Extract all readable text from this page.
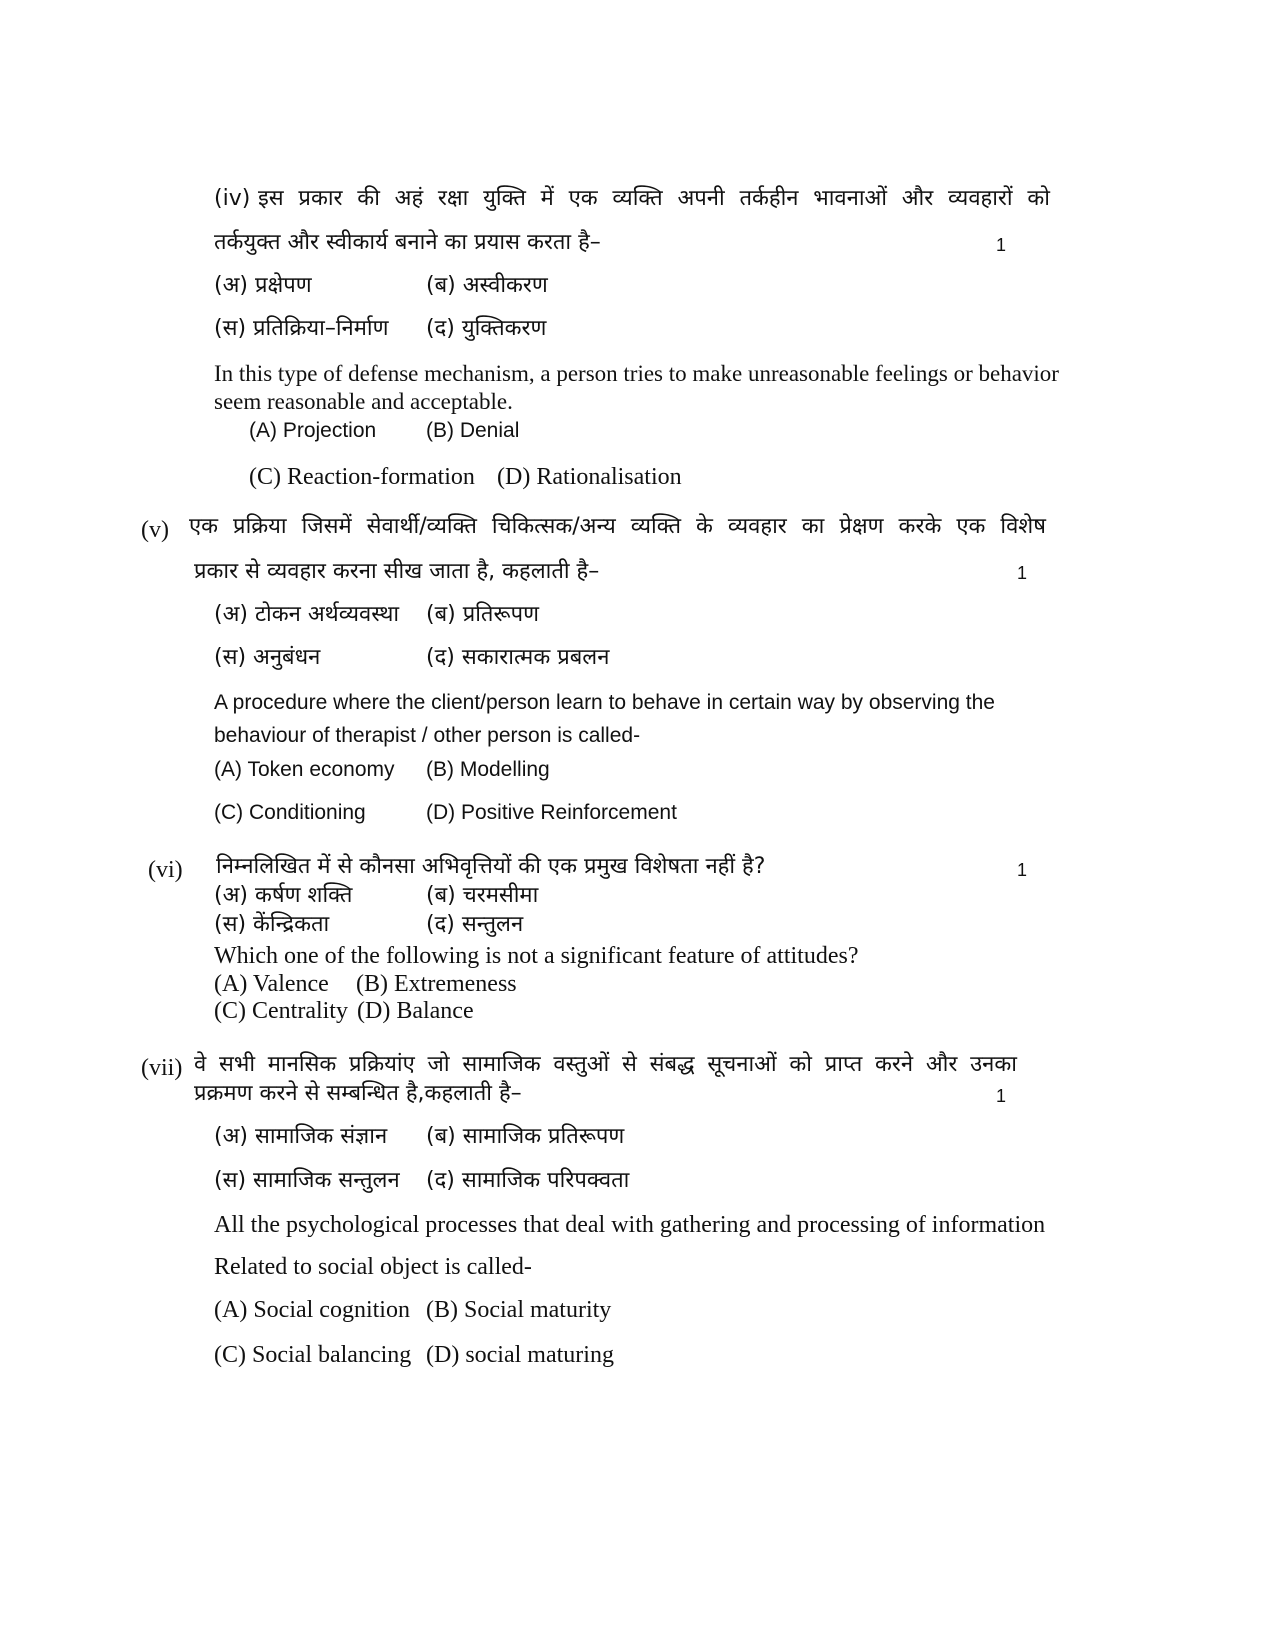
(iv) इस प्रकार की अहं रक्षा युक्ति में एक व्यक्ति अपनी तर्कहीन भावनाओं और व्यवहारों को
तर्कयुक्त और स्वीकार्य बनाने का प्रयास करता है–	1
(अ) प्रक्षेपण	(ब) अस्वीकरण
(स) प्रतिक्रिया–निर्माण (द) युक्तिकरण
In this type of defense mechanism, a person tries to make unreasonable feelings or behavior
seem reasonable and acceptable.
(A) Projection (B) Denial
(C) Reaction-formation (D) Rationalisation
(v) एक प्रक्रिया जिसमें सेवार्थी/व्यक्ति चिकित्सक/अन्य व्यक्ति के व्यवहार का प्रेक्षण करके एक विशेष
प्रकार से व्यवहार करना सीख जाता है, कहलाती है–	1
(अ) टोकन अर्थव्यवस्था (ब) प्रतिरूपण
(स) अनुबंधन	(द) सकारात्मक प्रबलन
A procedure where the client/person learn to behave in certain way by observing the
behaviour of therapist / other person is called-
(A) Token economy (B) Modelling
(C) Conditioning	(D) Positive Reinforcement
(vi) निम्नलिखित में से कौनसा अभिवृत्तियों की एक प्रमुख विशेषता नहीं है?	1
(अ) कर्षण शक्ति	(ब) चरमसीमा
(स) केंन्द्रिकता	(द) सन्तुलन
Which one of the following is not a significant feature of attitudes?
(A) Valence (B) Extremeness
(C) Centrality (D) Balance
(vii) वे सभी मानसिक प्रक्रियांए जो सामाजिक वस्तुओं से संबद्ध सूचनाओं को प्राप्त करने और उनका
प्रक्रमण करने से सम्बन्धित है,कहलाती है–	1
(अ) सामाजिक संज्ञान (ब) सामाजिक प्रतिरूपण
(स) सामाजिक सन्तुलन (द) सामाजिक परिपक्वता
All the psychological processes that deal with gathering and processing of information
Related to social object is called-
(A) Social cognition (B) Social maturity
(C) Social balancing (D) social maturing
